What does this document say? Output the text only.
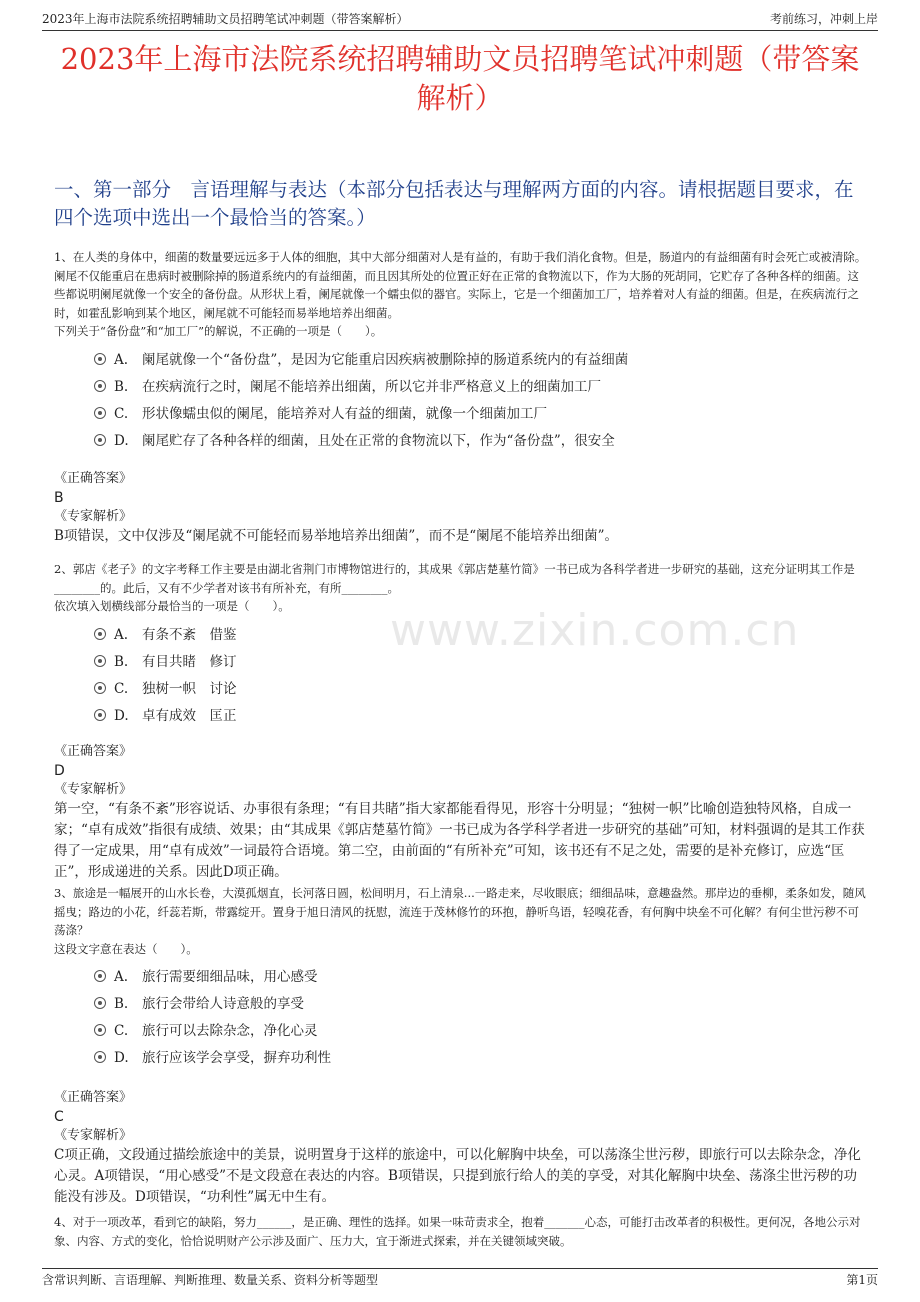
2023年上海市法院系统招聘辅助文员招聘笔试冲刺题（带答案解析）	考前练习，冲刺上岸
2023年上海市法院系统招聘辅助文员招聘笔试冲刺题（带答案解析）
一、第一部分　言语理解与表达（本部分包括表达与理解两方面的内容。请根据题目要求，在四个选项中选出一个最恰当的答案。）
www.zixin.com.cn

1、在人类的身体中，细菌的数量要远远多于人体的细胞，其中大部分细菌对人是有益的，有助于我们消化食物。但是，肠道内的有益细菌有时会死亡或被清除。阑尾不仅能重启在患病时被删除掉的肠道系统内的有益细菌，而且因其所处的位置正好在正常的食物流以下，作为大肠的死胡同，它贮存了各种各样的细菌。这些都说明阑尾就像一个安全的备份盘。从形状上看，阑尾就像一个蠕虫似的器官。实际上，它是一个细菌加工厂，培养着对人有益的细菌。但是，在疾病流行之时，如霍乱影响到某个地区，阑尾就不可能轻而易举地培养出细菌。

下列关于“备份盘”和“加工厂”的解说，不正确的一项是（　　）。

A. 阑尾就像一个“备份盘”，是因为它能重启因疾病被删除掉的肠道系统内的有益细菌
B. 在疾病流行之时，阑尾不能培养出细菌，所以它并非严格意义上的细菌加工厂
C. 形状像蠕虫似的阑尾，能培养对人有益的细菌，就像一个细菌加工厂
D. 阑尾贮存了各种各样的细菌，且处在正常的食物流以下，作为“备份盘”，很安全
《正确答案》
B
《专家解析》
B项错误，文中仅涉及“阑尾就不可能轻而易举地培养出细菌”，而不是“阑尾不能培养出细菌”。

2、郭店《老子》的文字考释工作主要是由湖北省荆门市博物馆进行的，其成果《郭店楚墓竹简》一书已成为各科学者进一步研究的基础，这充分证明其工作是________的。此后，又有不少学者对该书有所补充，有所________。

依次填入划横线部分最恰当的一项是（　　）。

A. 有条不紊　借鉴
B. 有目共睹　修订
C. 独树一帜　讨论
D. 卓有成效　匡正
《正确答案》
D
《专家解析》
第一空，“有条不紊”形容说话、办事很有条理；“有目共睹”指大家都能看得见，形容十分明显；“独树一帜”比喻创造独特风格，自成一家；“卓有成效”指很有成绩、效果；由“其成果《郭店楚墓竹简》一书已成为各学科学者进一步研究的基础”可知，材料强调的是其工作获得了一定成果，用“卓有成效”一词最符合语境。第二空，由前面的“有所补充”可知，该书还有不足之处，需要的是补充修订，应选“匡正”，形成递进的关系。因此D项正确。

3、旅途是一幅展开的山水长卷，大漠孤烟直，长河落日圆，松间明月，石上清泉...一路走来，尽收眼底；细细品味，意趣盎然。那岸边的垂柳，柔条如发，随风摇曳；路边的小花，纤蕊若斯，带露绽开。置身于旭日清风的抚慰，流连于茂林修竹的环抱，静听鸟语，轻嗅花香，有何胸中块垒不可化解？有何尘世污秽不可荡涤？

这段文字意在表达（　　）。

A. 旅行需要细细品味，用心感受
B. 旅行会带给人诗意般的享受
C. 旅行可以去除杂念，净化心灵
D. 旅行应该学会享受，摒弃功利性
《正确答案》
C
《专家解析》
C项正确，文段通过描绘旅途中的美景，说明置身于这样的旅途中，可以化解胸中块垒，可以荡涤尘世污秽，即旅行可以去除杂念，净化心灵。A项错误，“用心感受”不是文段意在表达的内容。B项错误，只提到旅行给人的美的享受，对其化解胸中块垒、荡涤尘世污秽的功能没有涉及。D项错误，“功利性”属无中生有。

4、对于一项改革，看到它的缺陷，努力______，是正确、理性的选择。如果一味苛责求全，抱着_______心态，可能打击改革者的积极性。更何况，各地公示对象、内容、方式的变化，恰恰说明财产公示涉及面广、压力大，宜于渐进式探索，并在关键领域突破。

含常识判断、言语理解、判断推理、数量关系、资料分析等题型	第1页
